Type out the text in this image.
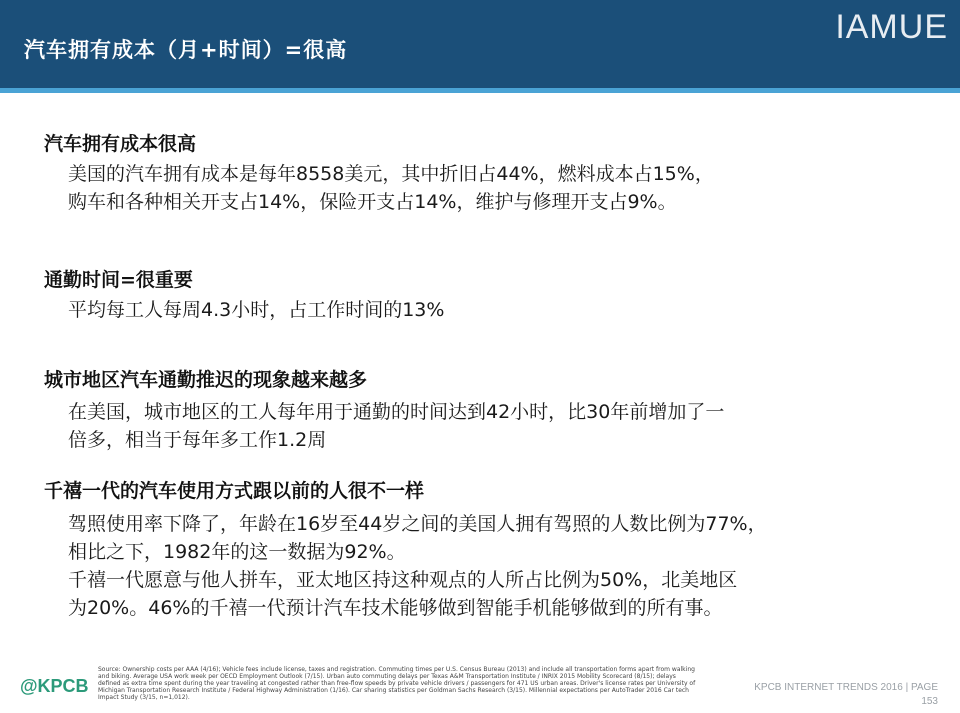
汽车拥有成本（月+时间）=很高
IAMUE
汽车拥有成本很高
美国的汽车拥有成本是每年8558美元，其中折旧占44%，燃料成本占15%，
购车和各种相关开支占14%，保险开支占14%，维护与修理开支占9%。
通勤时间=很重要
平均每工人每周4.3小时，占工作时间的13%
城市地区汽车通勤推迟的现象越来越多
在美国，城市地区的工人每年用于通勤的时间达到42小时，比30年前增加了一
倍多，相当于每年多工作1.2周
千禧一代的汽车使用方式跟以前的人很不一样
驾照使用率下降了，年龄在16岁至44岁之间的美国人拥有驾照的人数比例为77%，
相比之下，1982年的这一数据为92%。
千禧一代愿意与他人拼车，亚太地区持这种观点的人所占比例为50%，北美地区
为20%。46%的千禧一代预计汽车技术能够做到智能手机能够做到的所有事。
@KPCB
Source: Ownership costs per AAA (4/16); Vehicle fees include license, taxes and registration. Commuting times per U.S. Census Bureau (2013) and include all transportation forms apart from walking and biking. Average USA work week per OECD Employment Outlook (7/15). Urban auto commuting delays per Texas A&M Transportation Institute / INRIX 2015 Mobility Scorecard (8/15); delays defined as extra time spent during the year traveling at congested rather than free-flow speeds by private vehicle drivers / passengers for 471 US urban areas. Driver's license rates per University of Michigan Transportation Research Institute / Federal Highway Administration (1/16). Car sharing statistics per Goldman Sachs Research (3/15). Millennial expectations per AutoTrader 2016 Car tech Impact Study (3/15, n=1,012).
KPCB INTERNET TRENDS 2016 | PAGE
153
